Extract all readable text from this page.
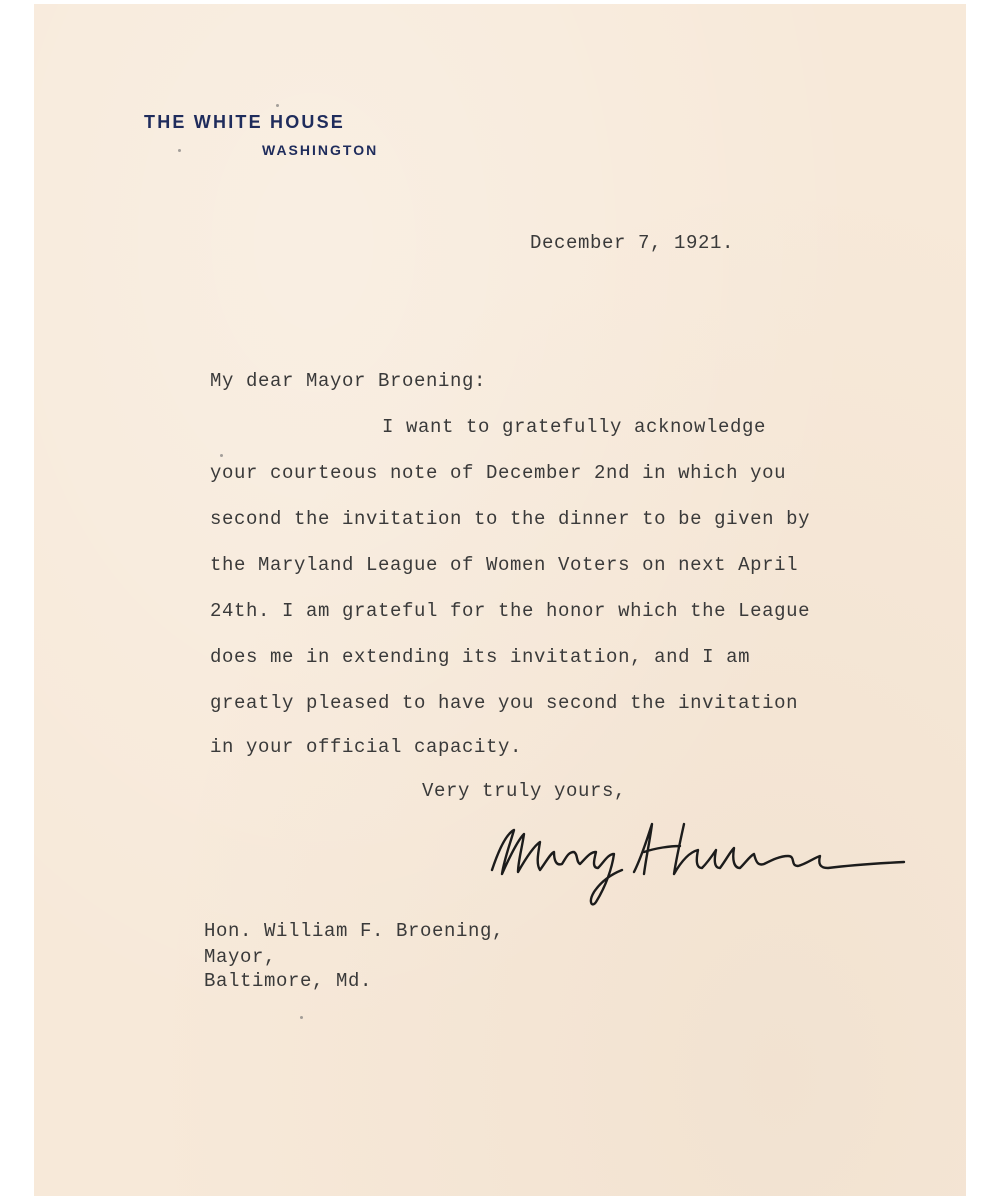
THE WHITE HOUSE
WASHINGTON
December 7, 1921.
My dear Mayor Broening:
I want to gratefully acknowledge
your courteous note of December 2nd in which you
second the invitation to the dinner to be given by
the Maryland League of Women Voters on next April
24th. I am grateful for the honor which the League
does me in extending its invitation, and I am
greatly pleased to have you second the invitation
in your official capacity.
Very truly yours,
Hon. William F. Broening,
Mayor,
Baltimore, Md.
